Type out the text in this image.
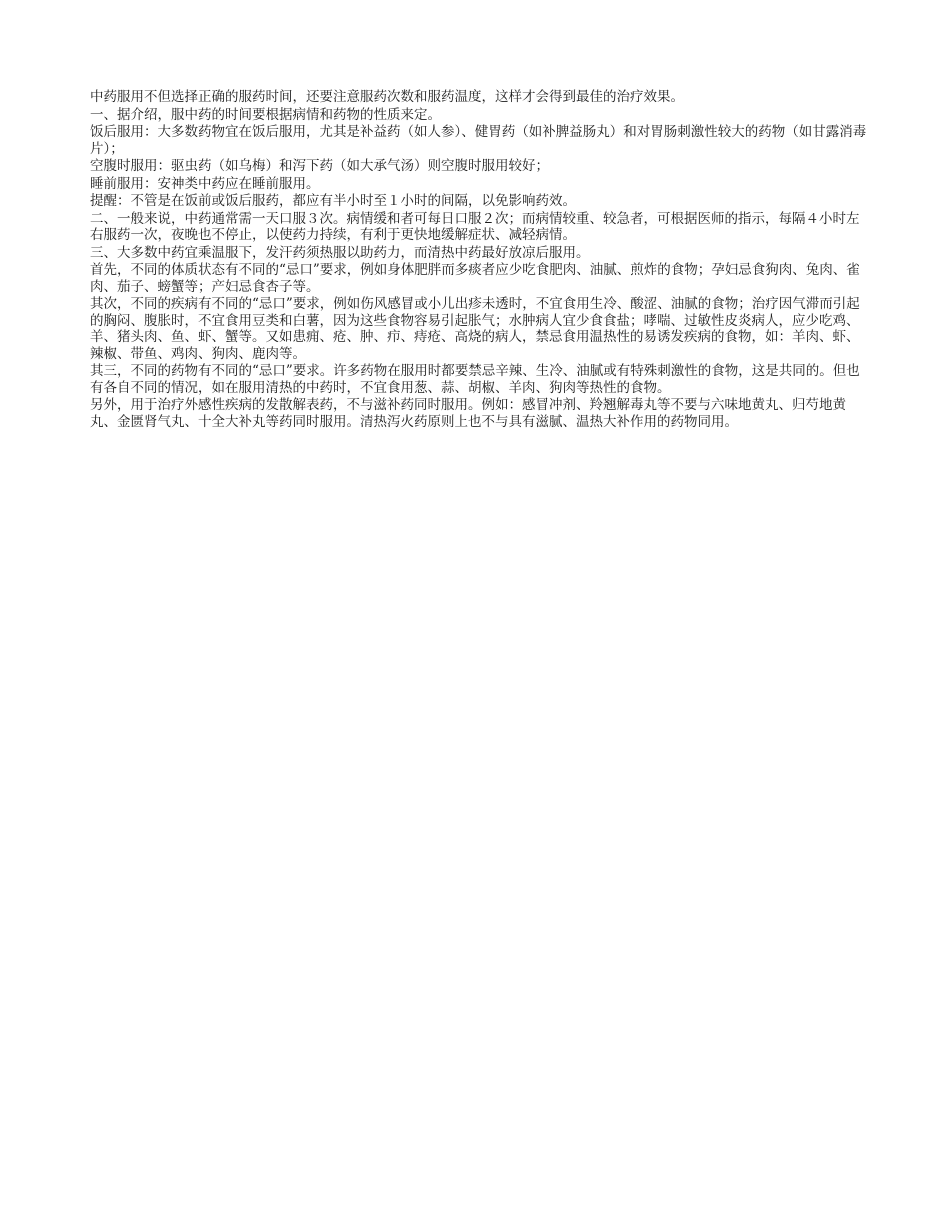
中药服用不但选择正确的服药时间，还要注意服药次数和服药温度，这样才会得到最佳的治疗效果。

一、据介绍，服中药的时间要根据病情和药物的性质来定。

饭后服用：大多数药物宜在饭后服用，尤其是补益药（如人参）、健胃药（如补脾益肠丸）和对胃肠刺激性较大的药物（如甘露消毒片）；

空腹时服用：驱虫药（如乌梅）和泻下药（如大承气汤）则空腹时服用较好；

睡前服用：安神类中药应在睡前服用。

提醒：不管是在饭前或饭后服药，都应有半小时至１小时的间隔，以免影响药效。

二、一般来说，中药通常需一天口服３次。病情缓和者可每日口服２次；而病情较重、较急者，可根据医师的指示，每隔４小时左右服药一次，夜晚也不停止，以使药力持续，有利于更快地缓解症状、减轻病情。

三、大多数中药宜乘温服下，发汗药须热服以助药力，而清热中药最好放凉后服用。

首先，不同的体质状态有不同的“忌口”要求，例如身体肥胖而多痰者应少吃食肥肉、油腻、煎炸的食物；孕妇忌食狗肉、兔肉、雀肉、茄子、螃蟹等；产妇忌食杏子等。

其次，不同的疾病有不同的“忌口”要求，例如伤风感冒或小儿出疹未透时，不宜食用生冷、酸涩、油腻的食物；治疗因气滞而引起的胸闷、腹胀时，不宜食用豆类和白薯，因为这些食物容易引起胀气；水肿病人宜少食食盐；哮喘、过敏性皮炎病人，应少吃鸡、羊、猪头肉、鱼、虾、蟹等。又如患痈、疮、肿、疖、痔疮、高烧的病人，禁忌食用温热性的易诱发疾病的食物，如：羊肉、虾、辣椒、带鱼、鸡肉、狗肉、鹿肉等。

其三，不同的药物有不同的“忌口”要求。许多药物在服用时都要禁忌辛辣、生冷、油腻或有特殊刺激性的食物，这是共同的。但也有各自不同的情况，如在服用清热的中药时，不宜食用葱、蒜、胡椒、羊肉、狗肉等热性的食物。

另外，用于治疗外感性疾病的发散解表药，不与滋补药同时服用。例如：感冒冲剂、羚翘解毒丸等不要与六味地黄丸、归芍地黄丸、金匮肾气丸、十全大补丸等药同时服用。清热泻火药原则上也不与具有滋腻、温热大补作用的药物同用。
